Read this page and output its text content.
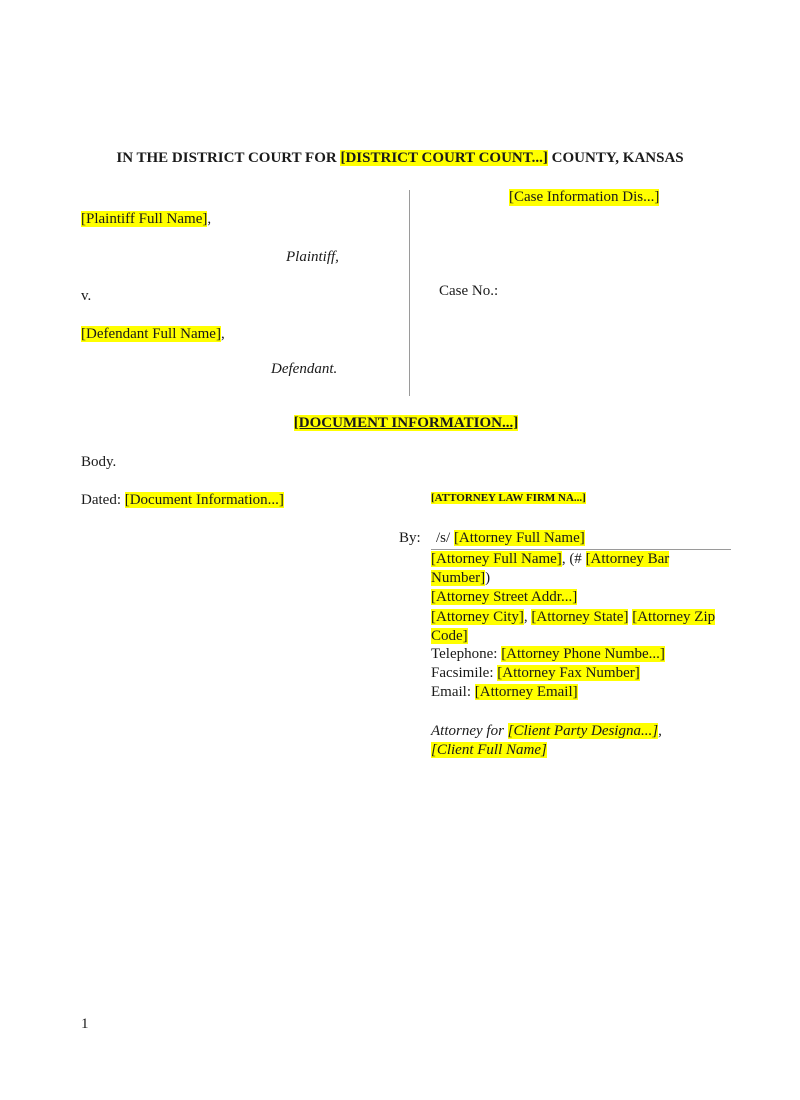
IN THE DISTRICT COURT FOR [DISTRICT COURT COUNT...] COUNTY, KANSAS
[Plaintiff Full Name],
Plaintiff,
v.
[Defendant Full Name],
Defendant.
[Case Information Dis...]
Case No.:
[DOCUMENT INFORMATION...]
Body.
Dated: [Document Information...]	[ATTORNEY LAW FIRM NA...]
By: /s/ [Attorney Full Name]
[Attorney Full Name], (# [Attorney Bar Number])
[Attorney Street Addr...]
[Attorney City], [Attorney State] [Attorney Zip Code]
Telephone: [Attorney Phone Numbe...]
Facsimile: [Attorney Fax Number]
Email: [Attorney Email]
Attorney for [Client Party Designa...],
[Client Full Name]
1
